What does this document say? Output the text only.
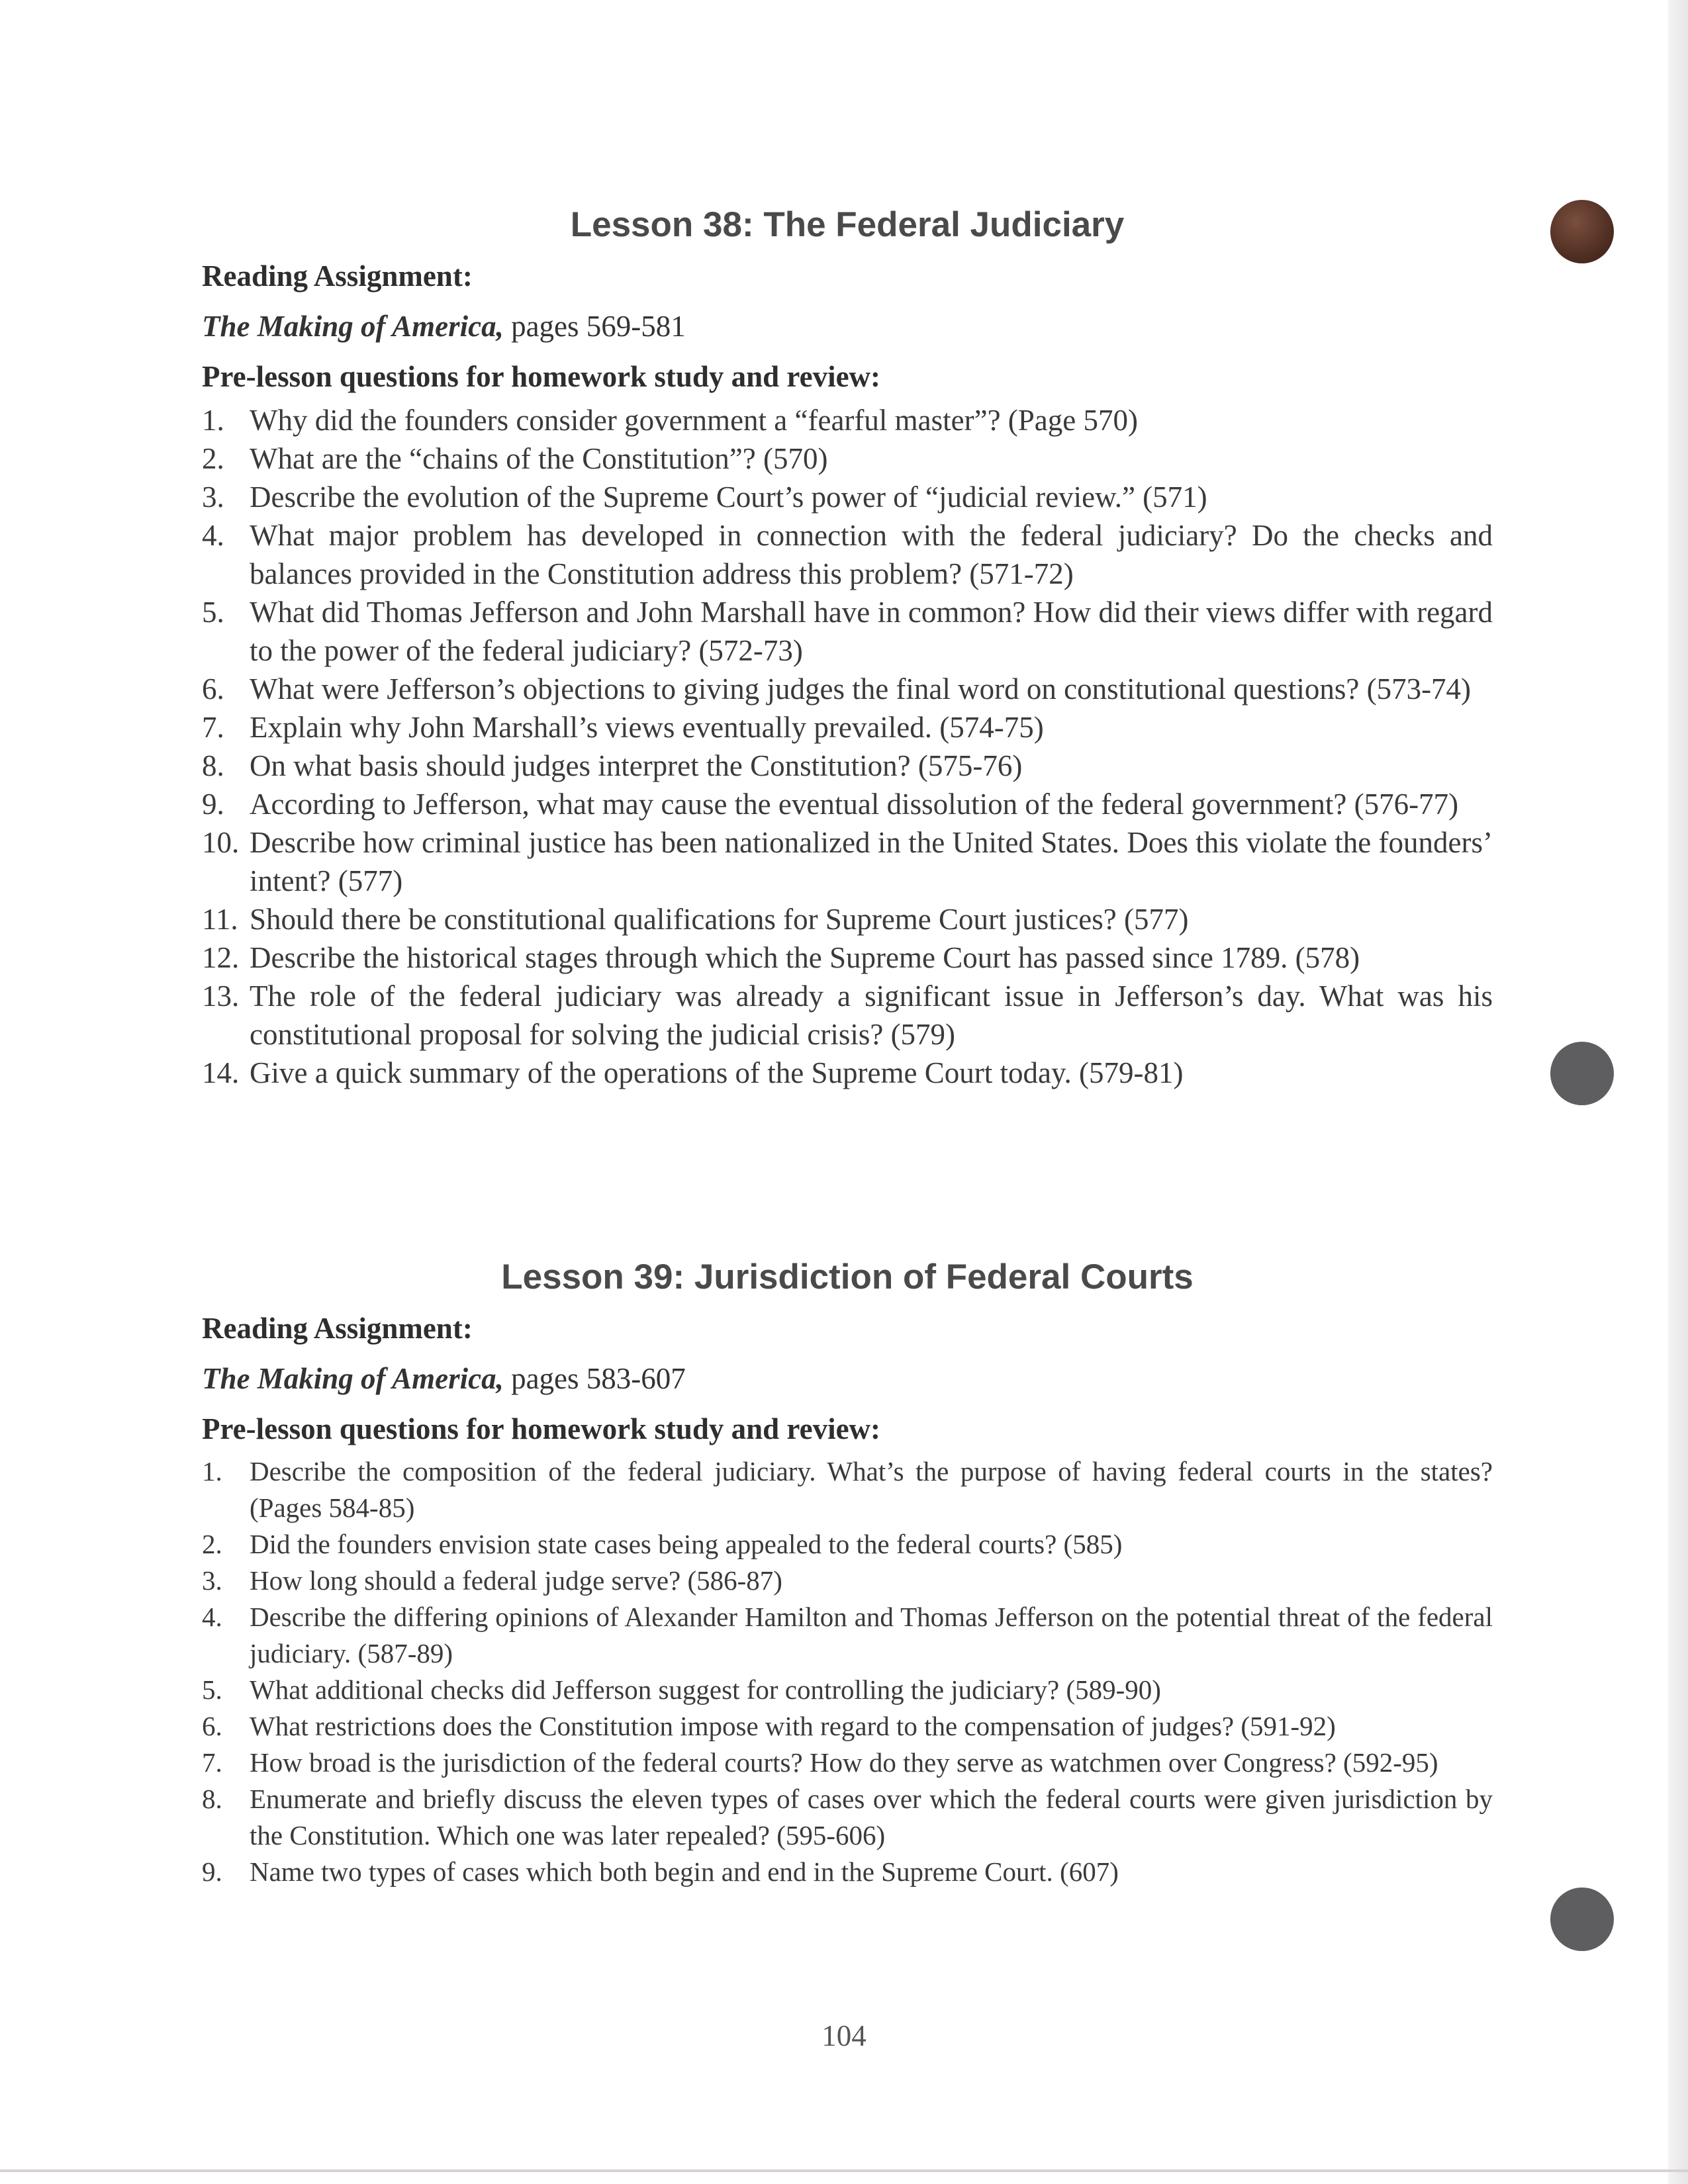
Lesson 38: The Federal Judiciary

Reading Assignment:

The Making of America, pages 569-581

Pre-lesson questions for homework study and review:

1. Why did the founders consider government a “fearful master”? (Page 570)
2. What are the “chains of the Constitution”? (570)
3. Describe the evolution of the Supreme Court’s power of “judicial review.” (571)
4. What major problem has developed in connection with the federal judiciary? Do the checks and balances provided in the Constitution address this problem? (571-72)
5. What did Thomas Jefferson and John Marshall have in common? How did their views differ with regard to the power of the federal judiciary? (572-73)
6. What were Jefferson’s objections to giving judges the final word on constitutional questions? (573-74)
7. Explain why John Marshall’s views eventually prevailed. (574-75)
8. On what basis should judges interpret the Constitution? (575-76)
9. According to Jefferson, what may cause the eventual dissolution of the federal government? (576-77)
10. Describe how criminal justice has been nationalized in the United States. Does this violate the founders’ intent? (577)
11. Should there be constitutional qualifications for Supreme Court justices? (577)
12. Describe the historical stages through which the Supreme Court has passed since 1789. (578)
13. The role of the federal judiciary was already a significant issue in Jefferson’s day. What was his constitutional proposal for solving the judicial crisis? (579)
14. Give a quick summary of the operations of the Supreme Court today. (579-81)
Lesson 39: Jurisdiction of Federal Courts

Reading Assignment:

The Making of America, pages 583-607

Pre-lesson questions for homework study and review:

1. Describe the composition of the federal judiciary. What’s the purpose of having federal courts in the states? (Pages 584-85)
2. Did the founders envision state cases being appealed to the federal courts? (585)
3. How long should a federal judge serve? (586-87)
4. Describe the differing opinions of Alexander Hamilton and Thomas Jefferson on the potential threat of the federal judiciary. (587-89)
5. What additional checks did Jefferson suggest for controlling the judiciary? (589-90)
6. What restrictions does the Constitution impose with regard to the compensation of judges? (591-92)
7. How broad is the jurisdiction of the federal courts? How do they serve as watchmen over Congress? (592-95)
8. Enumerate and briefly discuss the eleven types of cases over which the federal courts were given jurisdiction by the Constitution. Which one was later repealed? (595-606)
9. Name two types of cases which both begin and end in the Supreme Court. (607)
104
